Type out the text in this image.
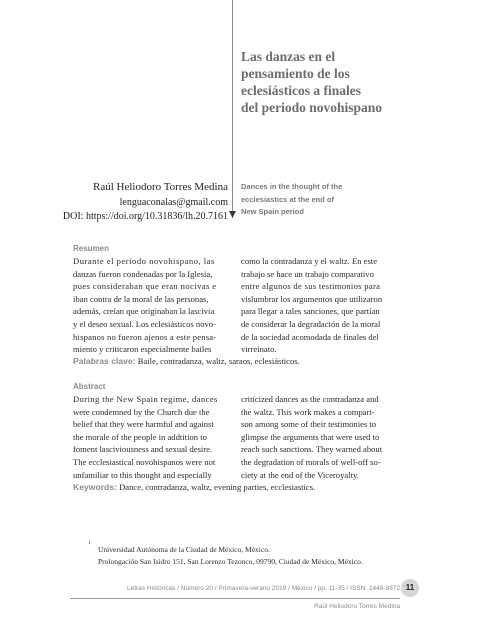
Las danzas en el
pensamiento de los
eclesiásticos a finales
del periodo novohispano
Raúl Heliodoro Torres Medina
lenguaconalas@gmail.com
DOI: https://doi.org/10.31836/lh.20.7161
Dances in the thought of the
ecclesiastics at the end of
New Spain period
Resumen
Durante el periodo novohispano, las
danzas fueron condenadas por la Iglesia,
pues consideraban que eran nocivas e
iban contra de la moral de las personas,
además, creían que originaban la lascivia
y el deseo sexual. Los eclesiásticos novo-
hispanos no fueron ajenos a este pensa-
miento y criticaron especialmente bailes
como la contradanza y el waltz. En este
trabajo se hace un trabajo comparativo
entre algunos de sus testimonios para
vislumbrar los argumentos que utilizaron
para llegar a tales sanciones, que partían
de considerar la degradación de la moral
de la sociedad acomodada de finales del
virreinato.
Palabras clave: Baile, contradanza, waltz, saraos, eclesiásticos.
Abstract
During the New Spain regime, dances
were condemned by the Church due the
belief that they were harmful and against
the morale of the people in addtition to
foment lasciviousness and sexual desire.
The ecclesiastical novohispanos were not
unfamiliar to this thought and especially
criticized dances as the contradanza and
the waltz. This work makes a compari-
son among some of their testimonies to
glimpse the arguments that were used to
reach such sanctions. They warned about
the degradation of morals of well-off so-
ciety at the end of the Viceroyalty.
Keywords: Dance, contradanza, waltz, evening parties, ecclesiastics.
1
Universidad Autónoma de la Ciudad de México, México.
Prolongación San Isidro 151, San Lorenzo Tezonco, 09790, Ciudad de México, México.
Letras Históricas / Número 20 / Primavera-verano 2019 / México / pp. 11-35 / ISSN: 2448-8372 11
Raúl Heliodoro Torres Medina
